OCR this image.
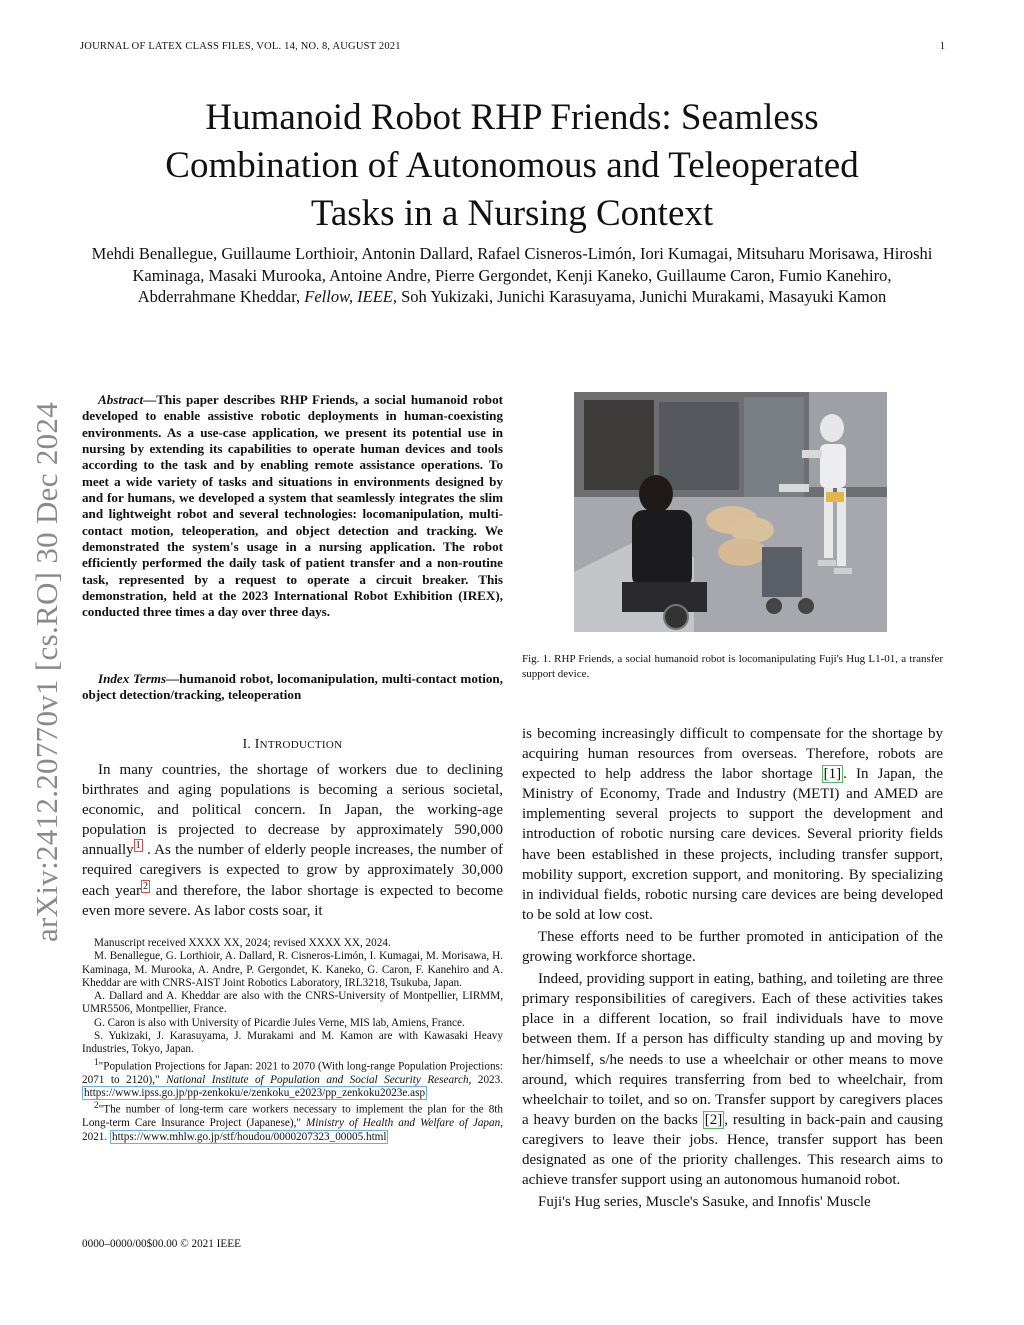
JOURNAL OF LATEX CLASS FILES, VOL. 14, NO. 8, AUGUST 2021	1
Humanoid Robot RHP Friends: Seamless
Combination of Autonomous and Teleoperated
Tasks in a Nursing Context
Mehdi Benallegue, Guillaume Lorthioir, Antonin Dallard, Rafael Cisneros-Limón, Iori Kumagai, Mitsuharu Morisawa, Hiroshi Kaminaga, Masaki Murooka, Antoine Andre, Pierre Gergondet, Kenji Kaneko, Guillaume Caron, Fumio Kanehiro, Abderrahmane Kheddar, Fellow, IEEE, Soh Yukizaki, Junichi Karasuyama, Junichi Murakami, Masayuki Kamon
arXiv:2412.20770v1 [cs.RO] 30 Dec 2024

Abstract—This paper describes RHP Friends, a social humanoid robot developed to enable assistive robotic deployments in human-coexisting environments. As a use-case application, we present its potential use in nursing by extending its capabilities to operate human devices and tools according to the task and by enabling remote assistance operations. To meet a wide variety of tasks and situations in environments designed by and for humans, we developed a system that seamlessly integrates the slim and lightweight robot and several technologies: locomanipulation, multi-contact motion, teleoperation, and object detection and tracking. We demonstrated the system's usage in a nursing application. The robot efficiently performed the daily task of patient transfer and a non-routine task, represented by a request to operate a circuit breaker. This demonstration, held at the 2023 International Robot Exhibition (IREX), conducted three times a day over three days.

Index Terms—humanoid robot, locomanipulation, multi-contact motion, object detection/tracking, teleoperation

Fig. 1. RHP Friends, a social humanoid robot is locomanipulating Fuji's Hug L1-01, a transfer support device.
I. INTRODUCTION

In many countries, the shortage of workers due to declining birthrates and aging populations is becoming a serious societal, economic, and political concern. In Japan, the working-age population is projected to decrease by approximately 590,000 annually $^1$ . As the number of elderly people increases, the number of required caregivers is expected to grow by approximately 30,000 each year $^2$ and therefore, the labor shortage is expected to become even more severe. As labor costs soar, it

Manuscript received XXXX XX, 2024; revised XXXX XX, 2024.

M. Benallegue, G. Lorthioir, A. Dallard, R. Cisneros-Limón, I. Kumagai, M. Morisawa, H. Kaminaga, M. Murooka, A. Andre, P. Gergondet, K. Kaneko, G. Caron, F. Kanehiro and A. Kheddar are with CNRS-AIST Joint Robotics Laboratory, IRL3218, Tsukuba, Japan.

A. Dallard and A. Kheddar are also with the CNRS-University of Montpellier, LIRMM, UMR5506, Montpellier, France.

G. Caron is also with University of Picardie Jules Verne, MIS lab, Amiens, France.

S. Yukizaki, J. Karasuyama, J. Murakami and M. Kamon are with Kawasaki Heavy Industries, Tokyo, Japan.

$^1$"Population Projections for Japan: 2021 to 2070 (With long-range Population Projections: 2071 to 2120)," National Institute of Population and Social Security Research, 2023. https://www.ipss.go.jp/pp-zenkoku/e/zenkoku_e2023/pp_zenkoku2023e.asp

$^2$"The number of long-term care workers necessary to implement the plan for the 8th Long-term Care Insurance Project (Japanese)," Ministry of Health and Welfare of Japan, 2021. https://www.mhlw.go.jp/stf/houdou/0000207323_00005.html

0000–0000/00$00.00 © 2021 IEEE

is becoming increasingly difficult to compensate for the shortage by acquiring human resources from overseas. Therefore, robots are expected to help address the labor shortage [1] . In Japan, the Ministry of Economy, Trade and Industry (METI) and AMED are implementing several projects to support the development and introduction of robotic nursing care devices. Several priority fields have been established in these projects, including transfer support, mobility support, excretion support, and monitoring. By specializing in individual fields, robotic nursing care devices are being developed to be sold at low cost.

These efforts need to be further promoted in anticipation of the growing workforce shortage.

Indeed, providing support in eating, bathing, and toileting are three primary responsibilities of caregivers. Each of these activities takes place in a different location, so frail individuals have to move between them. If a person has difficulty standing up and moving by her/himself, s/he needs to use a wheelchair or other means to move around, which requires transferring from bed to wheelchair, from wheelchair to toilet, and so on. Transfer support by caregivers places a heavy burden on the backs [2] , resulting in back-pain and causing caregivers to leave their jobs. Hence, transfer support has been designated as one of the priority challenges. This research aims to achieve transfer support using an autonomous humanoid robot.

Fuji's Hug series, Muscle's Sasuke, and Innofis' Muscle
